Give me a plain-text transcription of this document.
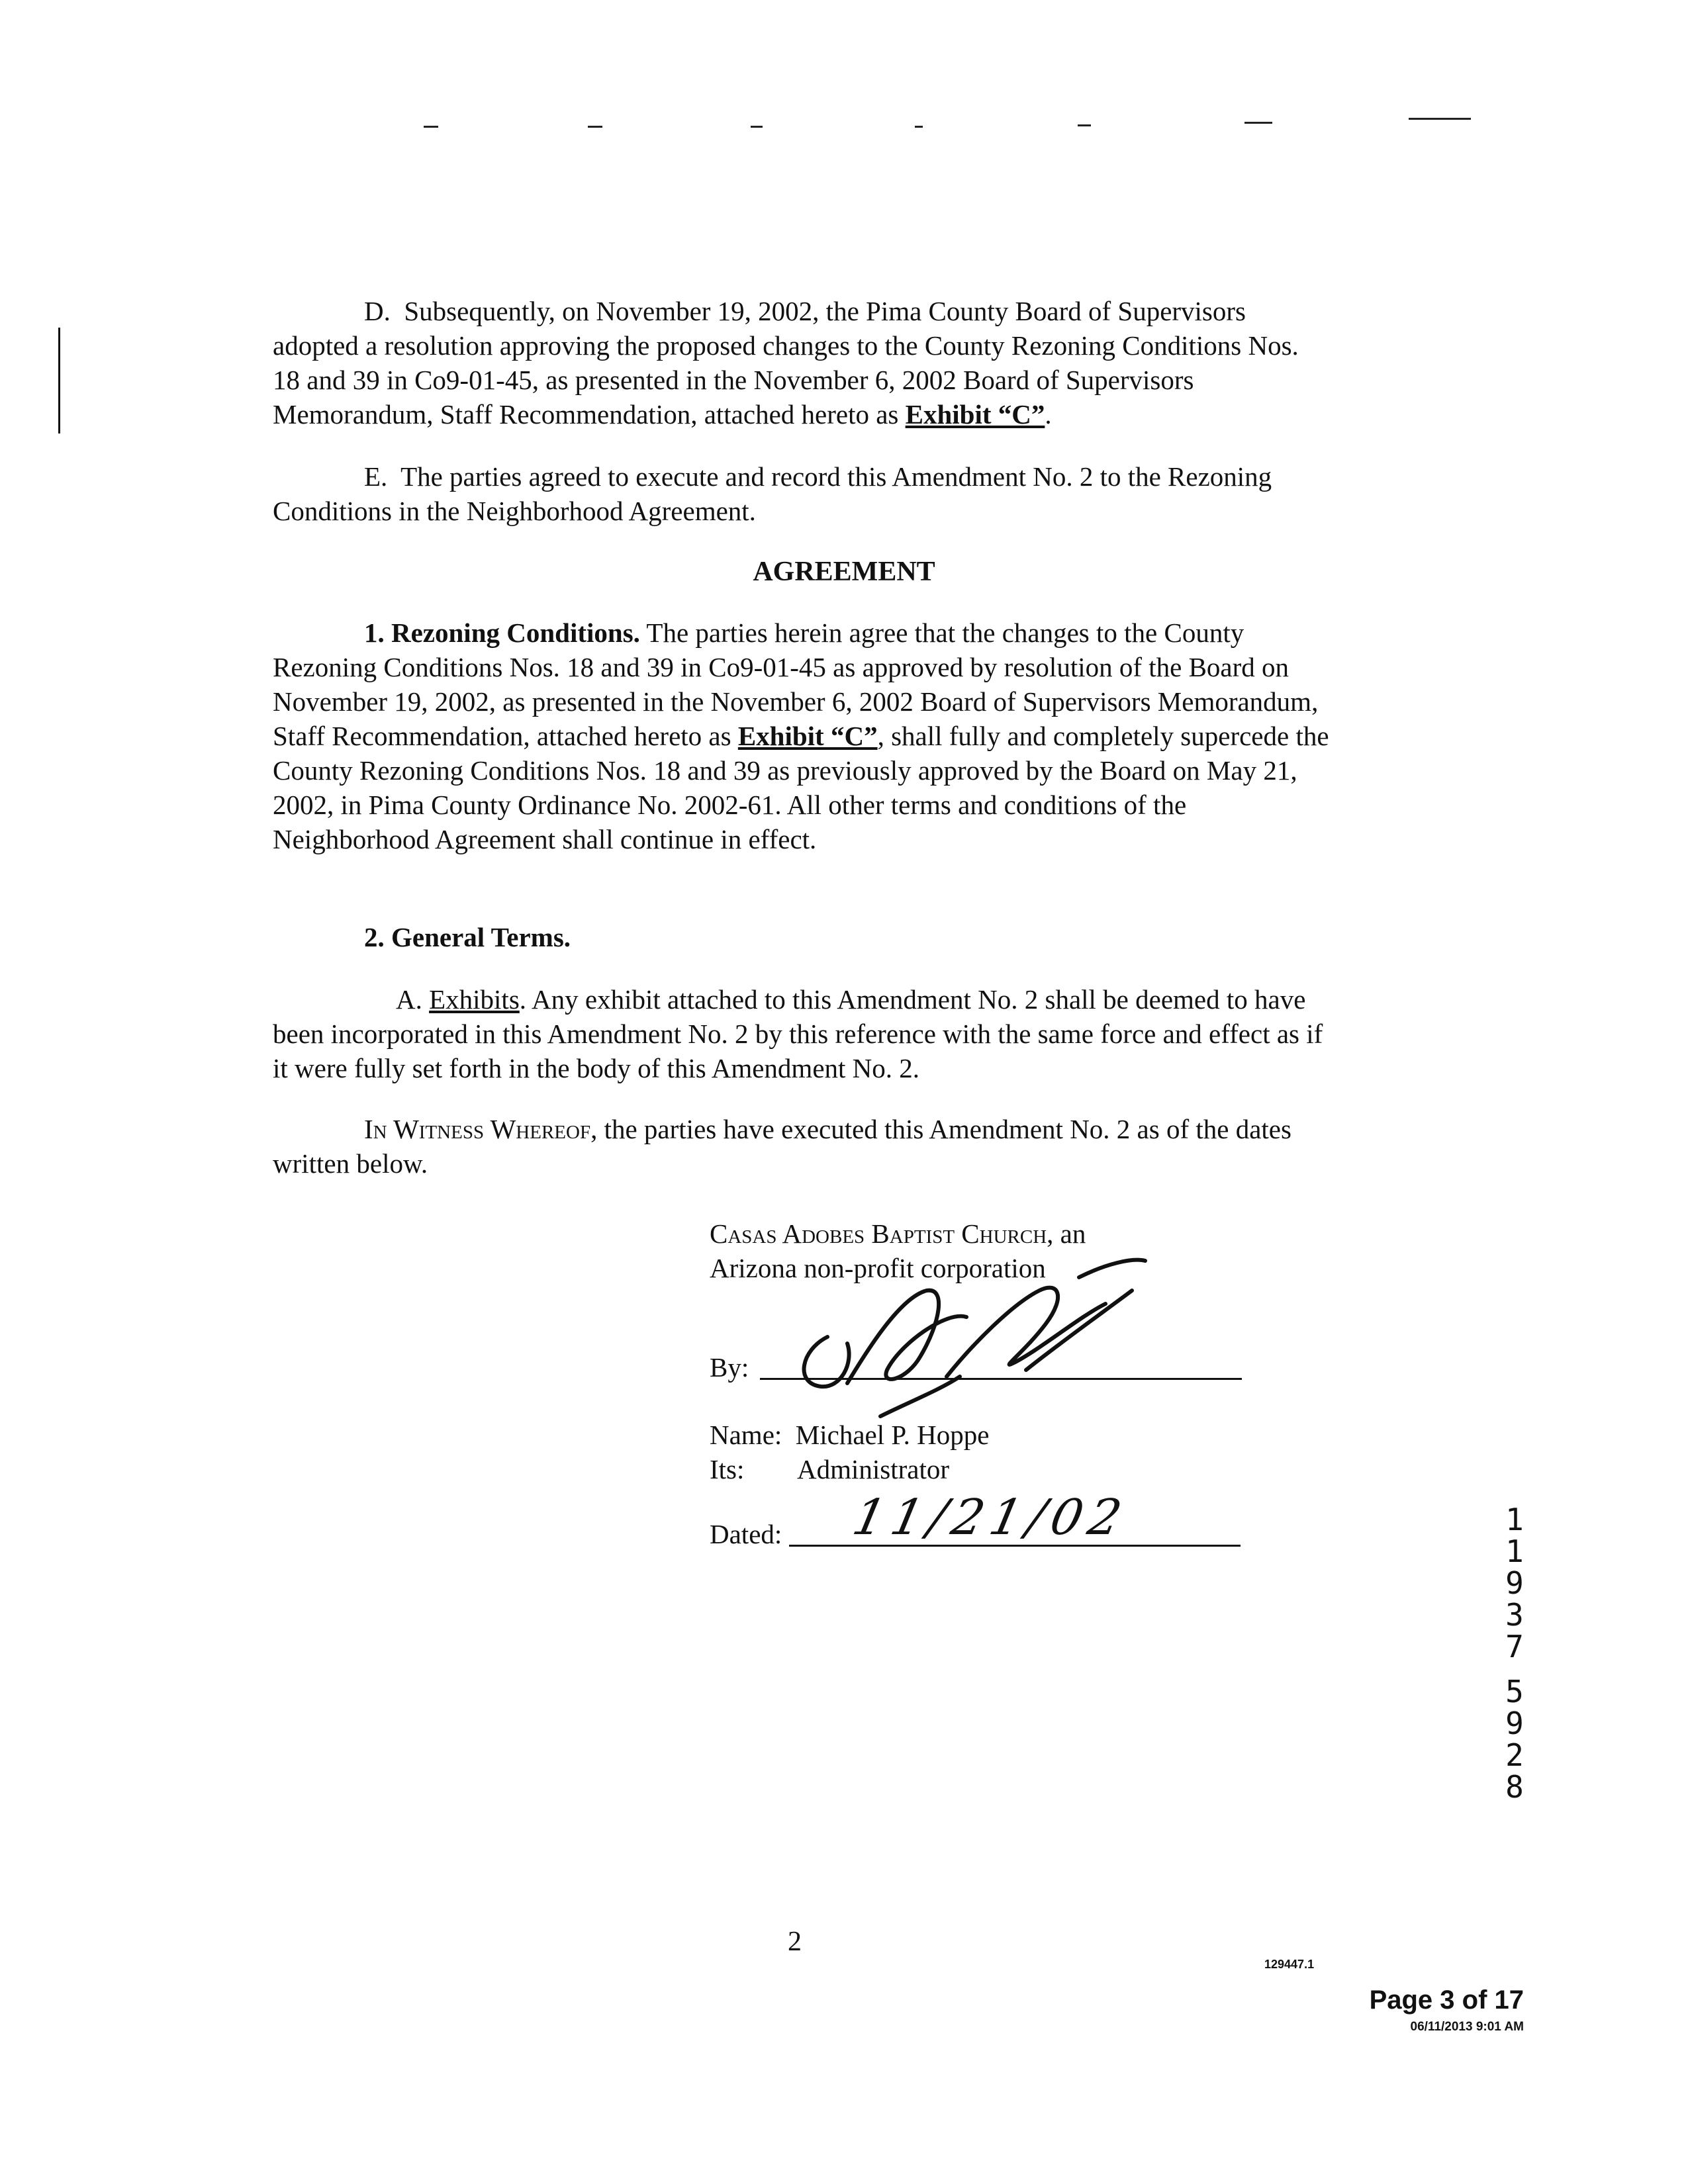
D. Subsequently, on November 19, 2002, the Pima County Board of Supervisors adopted a resolution approving the proposed changes to the County Rezoning Conditions Nos. 18 and 39 in Co9-01-45, as presented in the November 6, 2002 Board of Supervisors Memorandum, Staff Recommendation, attached hereto as Exhibit “C”.
E. The parties agreed to execute and record this Amendment No. 2 to the Rezoning Conditions in the Neighborhood Agreement.
AGREEMENT
1. Rezoning Conditions. The parties herein agree that the changes to the County Rezoning Conditions Nos. 18 and 39 in Co9-01-45 as approved by resolution of the Board on November 19, 2002, as presented in the November 6, 2002 Board of Supervisors Memorandum, Staff Recommendation, attached hereto as Exhibit “C”, shall fully and completely supercede the County Rezoning Conditions Nos. 18 and 39 as previously approved by the Board on May 21, 2002, in Pima County Ordinance No. 2002-61. All other terms and conditions of the Neighborhood Agreement shall continue in effect.
2. General Terms.
A. Exhibits. Any exhibit attached to this Amendment No. 2 shall be deemed to have been incorporated in this Amendment No. 2 by this reference with the same force and effect as if it were fully set forth in the body of this Amendment No. 2.
In Witness Whereof, the parties have executed this Amendment No. 2 as of the dates written below.
Casas Adobes Baptist Church, an
Arizona non-profit corporation
By:
Name: Michael P. Hoppe
Its: Administrator
Dated: 11/21/02	1
1
9
3
7
5
9
2
8
2
129447.1
Page 3 of 17
06/11/2013 9:01 AM
